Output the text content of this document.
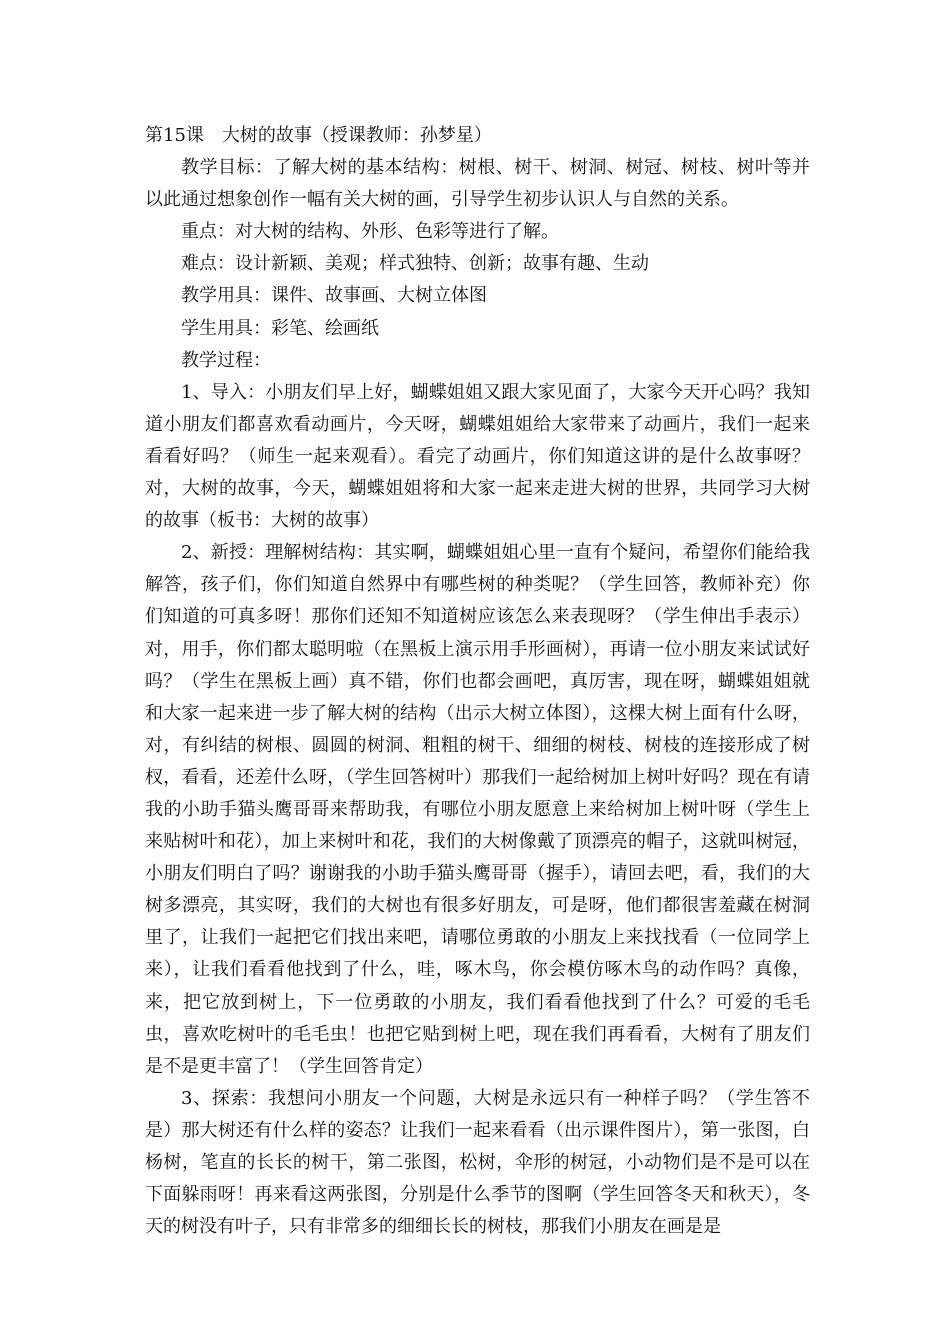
第15课　大树的故事（授课教师：孙梦星）

教学目标：了解大树的基本结构：树根、树干、树洞、树冠、树枝、树叶等并以此通过想象创作一幅有关大树的画，引导学生初步认识人与自然的关系。

重点：对大树的结构、外形、色彩等进行了解。

难点：设计新颖、美观；样式独特、创新；故事有趣、生动

教学用具：课件、故事画、大树立体图

学生用具：彩笔、绘画纸

教学过程：

1、导入：小朋友们早上好，蝴蝶姐姐又跟大家见面了，大家今天开心吗？我知道小朋友们都喜欢看动画片，今天呀，蝴蝶姐姐给大家带来了动画片，我们一起来看看好吗？（师生一起来观看）。看完了动画片，你们知道这讲的是什么故事呀？对，大树的故事，今天，蝴蝶姐姐将和大家一起来走进大树的世界，共同学习大树的故事（板书：大树的故事）

2、新授：理解树结构：其实啊，蝴蝶姐姐心里一直有个疑问，希望你们能给我解答，孩子们，你们知道自然界中有哪些树的种类呢？（学生回答，教师补充）你们知道的可真多呀！那你们还知不知道树应该怎么来表现呀？（学生伸出手表示）对，用手，你们都太聪明啦（在黑板上演示用手形画树），再请一位小朋友来试试好吗？（学生在黑板上画）真不错，你们也都会画吧，真厉害，现在呀，蝴蝶姐姐就和大家一起来进一步了解大树的结构（出示大树立体图），这棵大树上面有什么呀，对，有纠结的树根、圆圆的树洞、粗粗的树干、细细的树枝、树枝的连接形成了树杈，看看，还差什么呀，（学生回答树叶）那我们一起给树加上树叶好吗？现在有请我的小助手猫头鹰哥哥来帮助我，有哪位小朋友愿意上来给树加上树叶呀（学生上来贴树叶和花），加上来树叶和花，我们的大树像戴了顶漂亮的帽子，这就叫树冠，小朋友们明白了吗？谢谢我的小助手猫头鹰哥哥（握手），请回去吧，看，我们的大树多漂亮，其实呀，我们的大树也有很多好朋友，可是呀，他们都很害羞藏在树洞里了，让我们一起把它们找出来吧，请哪位勇敢的小朋友上来找找看（一位同学上来），让我们看看他找到了什么，哇，啄木鸟，你会模仿啄木鸟的动作吗？真像，来，把它放到树上，下一位勇敢的小朋友，我们看看他找到了什么？可爱的毛毛虫，喜欢吃树叶的毛毛虫！也把它贴到树上吧，现在我们再看看，大树有了朋友们是不是更丰富了！（学生回答肯定）

3、探索：我想问小朋友一个问题，大树是永远只有一种样子吗？（学生答不是）那大树还有什么样的姿态？让我们一起来看看（出示课件图片），第一张图，白杨树，笔直的长长的树干，第二张图，松树，伞形的树冠，小动物们是不是可以在下面躲雨呀！再来看这两张图，分别是什么季节的图啊（学生回答冬天和秋天），冬天的树没有叶子，只有非常多的细细长长的树枝，那我们小朋友在画是是
